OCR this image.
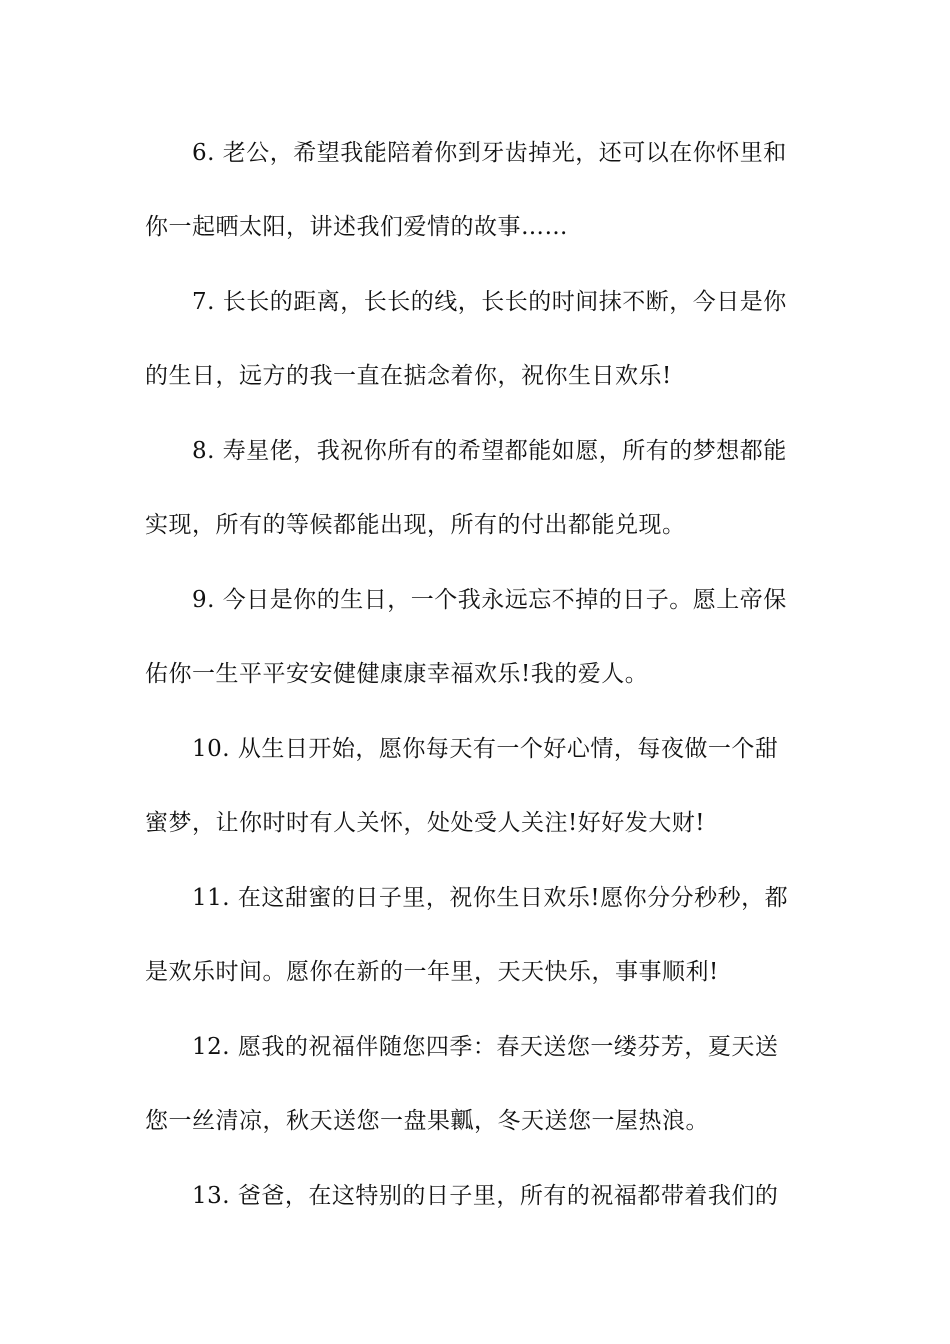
6. 老公，希望我能陪着你到牙齿掉光，还可以在你怀里和
你一起晒太阳，讲述我们爱情的故事……
7. 长长的距离，长长的线，长长的时间抹不断，今日是你
的生日，远方的我一直在掂念着你，祝你生日欢乐!
8. 寿星佬，我祝你所有的希望都能如愿，所有的梦想都能
实现，所有的等候都能出现，所有的付出都能兑现。
9. 今日是你的生日，一个我永远忘不掉的日子。愿上帝保
佑你一生平平安安健健康康幸福欢乐!我的爱人。
10. 从生日开始，愿你每天有一个好心情，每夜做一个甜
蜜梦，让你时时有人关怀，处处受人关注!好好发大财!
11. 在这甜蜜的日子里，祝你生日欢乐!愿你分分秒秒，都
是欢乐时间。愿你在新的一年里，天天快乐，事事顺利!
12. 愿我的祝福伴随您四季：春天送您一缕芬芳，夏天送
您一丝清凉，秋天送您一盘果瓤，冬天送您一屋热浪。
13. 爸爸，在这特别的日子里，所有的祝福都带着我们的
